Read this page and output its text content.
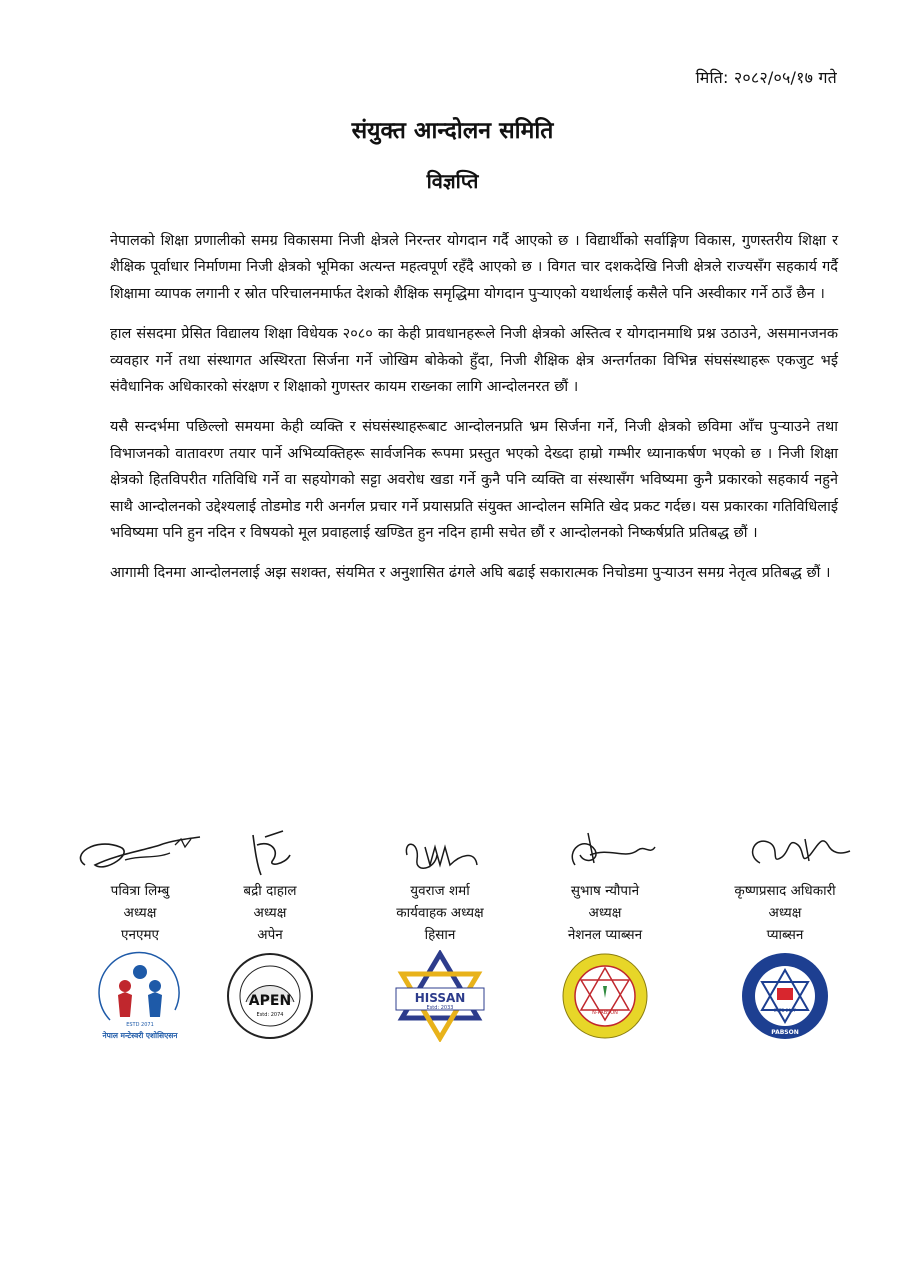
मिति: २०८२/०५/१७ गते
संयुक्त आन्दोलन समिति
विज्ञप्ति

नेपालको शिक्षा प्रणालीको समग्र विकासमा निजी क्षेत्रले निरन्तर योगदान गर्दै आएको छ । विद्यार्थीको सर्वाङ्गिण विकास, गुणस्तरीय शिक्षा र शैक्षिक पूर्वाधार निर्माणमा निजी क्षेत्रको भूमिका अत्यन्त महत्वपूर्ण रहँदै आएको छ । विगत चार दशकदेखि निजी क्षेत्रले राज्यसँग सहकार्य गर्दै शिक्षामा व्यापक लगानी र स्रोत परिचालनमार्फत देशको शैक्षिक समृद्धिमा योगदान पुऱ्याएको यथार्थलाई कसैले पनि अस्वीकार गर्ने ठाउँ छैन ।

हाल संसदमा प्रेसित विद्यालय शिक्षा विधेयक २०८० का केही प्रावधानहरूले निजी क्षेत्रको अस्तित्व र योगदानमाथि प्रश्न उठाउने, असमानजनक व्यवहार गर्ने तथा संस्थागत अस्थिरता सिर्जना गर्ने जोखिम बोकेको हुँदा, निजी शैक्षिक क्षेत्र अन्तर्गतका विभिन्न संघसंस्थाहरू एकजुट भई संवैधानिक अधिकारको संरक्षण र शिक्षाको गुणस्तर कायम राख्नका लागि आन्दोलनरत छौं ।

यसै सन्दर्भमा पछिल्लो समयमा केही व्यक्ति र संघसंस्थाहरूबाट आन्दोलनप्रति भ्रम सिर्जना गर्ने, निजी क्षेत्रको छविमा आँच पुऱ्याउने तथा विभाजनको वातावरण तयार पार्ने अभिव्यक्तिहरू सार्वजनिक रूपमा प्रस्तुत भएको देख्दा हाम्रो गम्भीर ध्यानाकर्षण भएको छ । निजी शिक्षा क्षेत्रको हितविपरीत गतिविधि गर्ने वा सहयोगको सट्टा अवरोध खडा गर्ने कुनै पनि व्यक्ति वा संस्थासँग भविष्यमा कुनै प्रकारको सहकार्य नहुने साथै आन्दोलनको उद्देश्यलाई तोडमोड गरी अनर्गल प्रचार गर्ने प्रयासप्रति संयुक्त आन्दोलन समिति खेद प्रकट गर्दछ। यस प्रकारका गतिविधिलाई भविष्यमा पनि हुन नदिन र विषयको मूल प्रवाहलाई खण्डित हुन नदिन हामी सचेत छौं र आन्दोलनको निष्कर्षप्रति प्रतिबद्ध छौं ।

आगामी दिनमा आन्दोलनलाई अझ सशक्त, संयमित र अनुशासित ढंगले अघि बढाई सकारात्मक निचोडमा पुऱ्याउन समग्र नेतृत्व प्रतिबद्ध छौं ।

पवित्रा लिम्बु
अध्यक्ष
एनएमए
ESTD 2071
नेपाल मन्टेस्वरी एशोसिएसन
बद्री दाहाल
अध्यक्ष
अपेन
APEN
Estd: 2074
युवराज शर्मा
कार्यवाहक अध्यक्ष
हिसान
HISSAN
Estd: 2033
सुभाष न्यौपाने
अध्यक्ष
नेशनल प्याब्सन
N-PABSON
कृष्णप्रसाद अधिकारी
अध्यक्ष
प्याब्सन
PABSON
ESTD 2047
